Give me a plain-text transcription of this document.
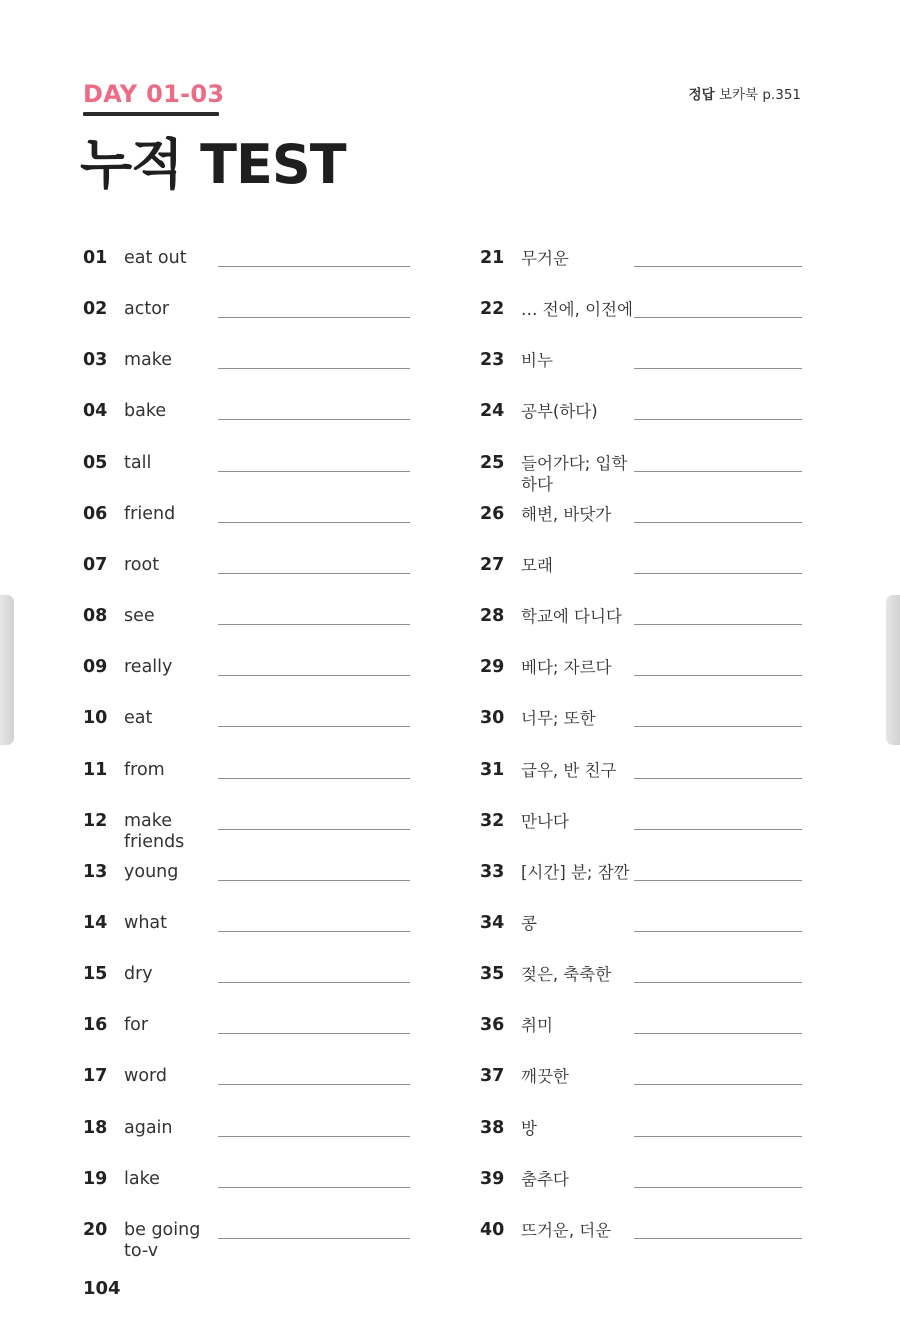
DAY 01-03
누적 TEST
정답 보카북 p.351
01 eat out
02 actor
03 make
04 bake
05 tall
06 friend
07 root
08 see
09 really
10 eat
11 from
12 make friends
13 young
14 what
15 dry
16 for
17 word
18 again
19 lake
20 be going to-v
21 무거운
22 … 전에, 이전에
23 비누
24 공부(하다)
25 들어가다; 입학하다
26 해변, 바닷가
27 모래
28 학교에 다니다
29 베다; 자르다
30 너무; 또한
31 급우, 반 친구
32 만나다
33 [시간] 분; 잠깐
34 콩
35 젖은, 축축한
36 취미
37 깨끗한
38 방
39 춤추다
40 뜨거운, 더운
104
